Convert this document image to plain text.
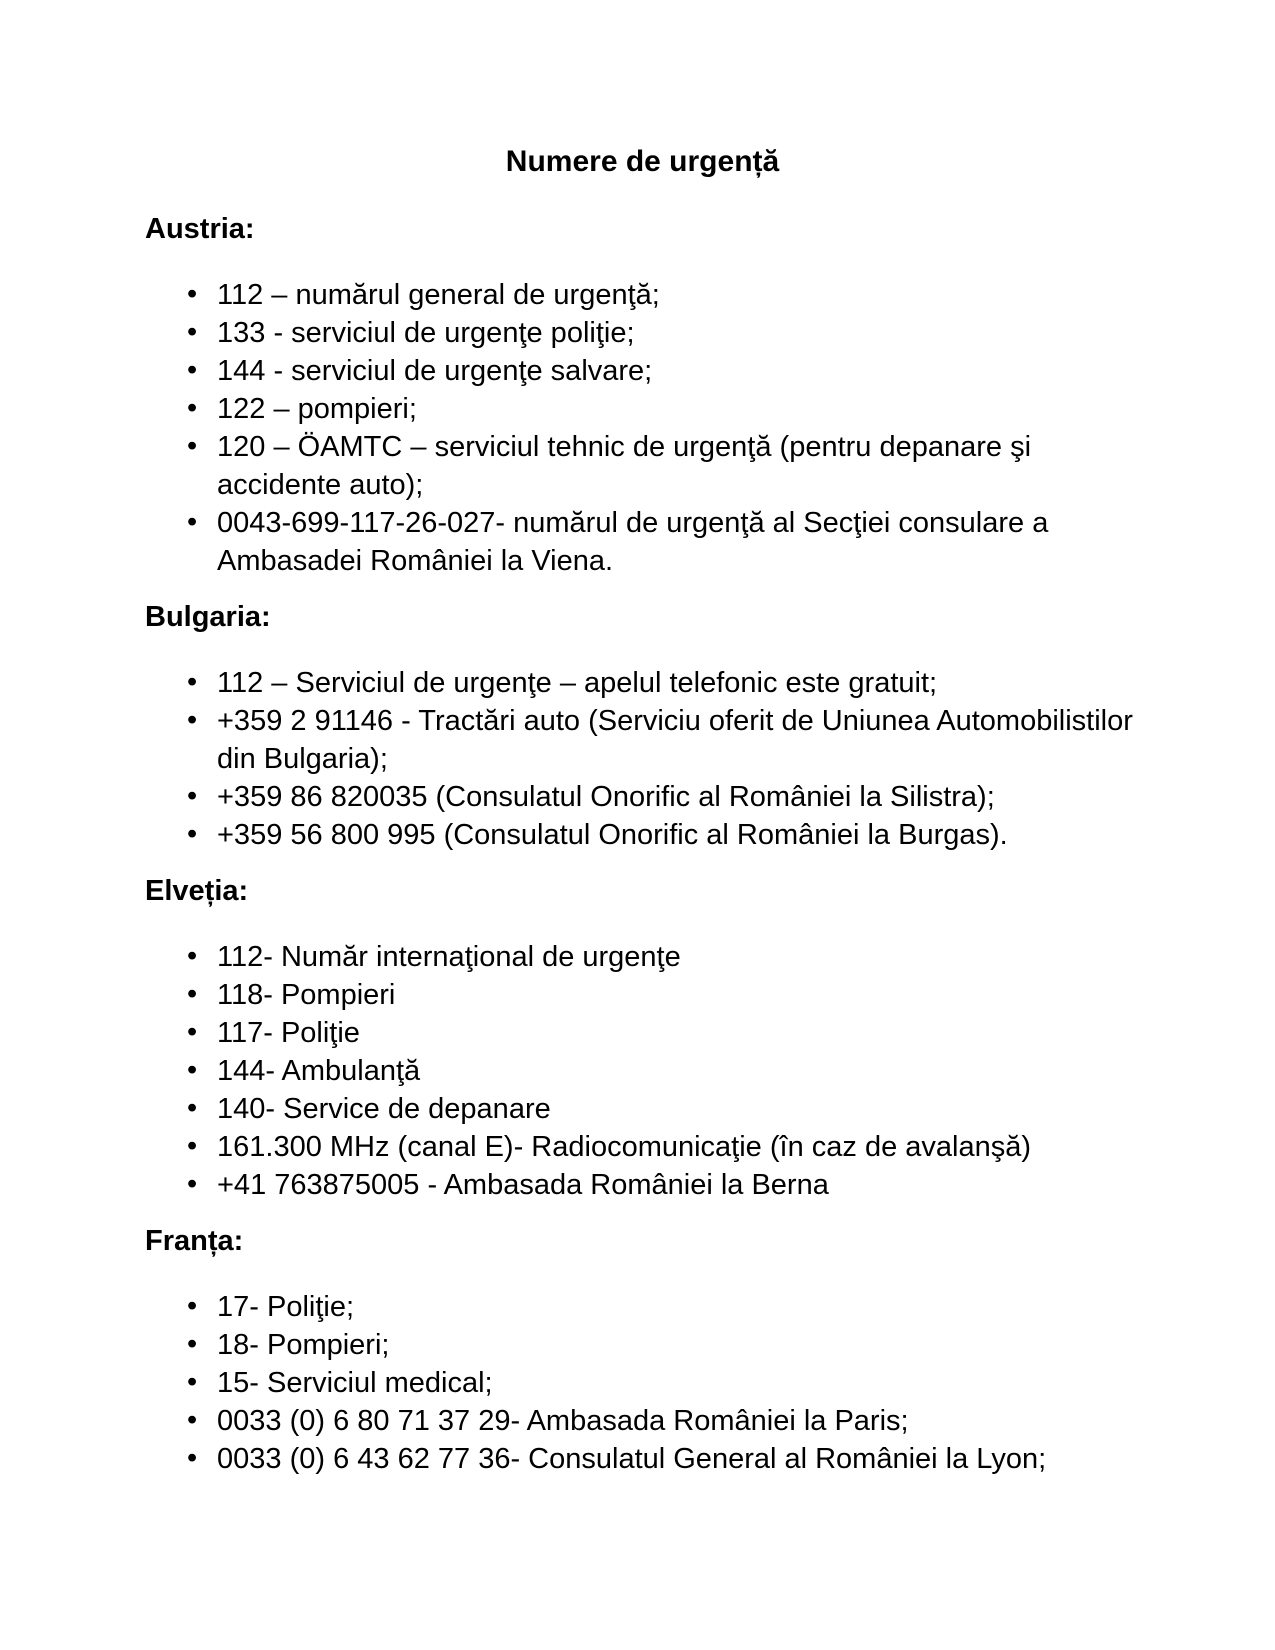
Numere de urgență
Austria:
• 112 – numărul general de urgenţă;
• 133 - serviciul de urgenţe poliţie;
• 144 - serviciul de urgenţe salvare;
• 122 – pompieri;
• 120 – ÖAMTC – serviciul tehnic de urgenţă (pentru depanare şi accidente auto);
• 0043-699-117-26-027- numărul de urgenţă al Secţiei consulare a Ambasadei României la Viena.
Bulgaria:
• 112 – Serviciul de urgenţe – apelul telefonic este gratuit;
• +359 2 91146 - Tractări auto (Serviciu oferit de Uniunea Automobilistilor din Bulgaria);
• +359 86 820035 (Consulatul Onorific al României la Silistra);
• +359 56 800 995 (Consulatul Onorific al României la Burgas).
Elveția:
• 112- Număr internaţional de urgenţe
• 118- Pompieri
• 117- Poliţie
• 144- Ambulanţă
• 140- Service de depanare
• 161.300 MHz (canal E)- Radiocomunicaţie (în caz de avalanşă)
• +41 763875005 - Ambasada României la Berna
Franța:
• 17- Poliţie;
• 18- Pompieri;
• 15- Serviciul medical;
• 0033 (0) 6 80 71 37 29- Ambasada României la Paris;
• 0033 (0) 6 43 62 77 36- Consulatul General al României la Lyon;
